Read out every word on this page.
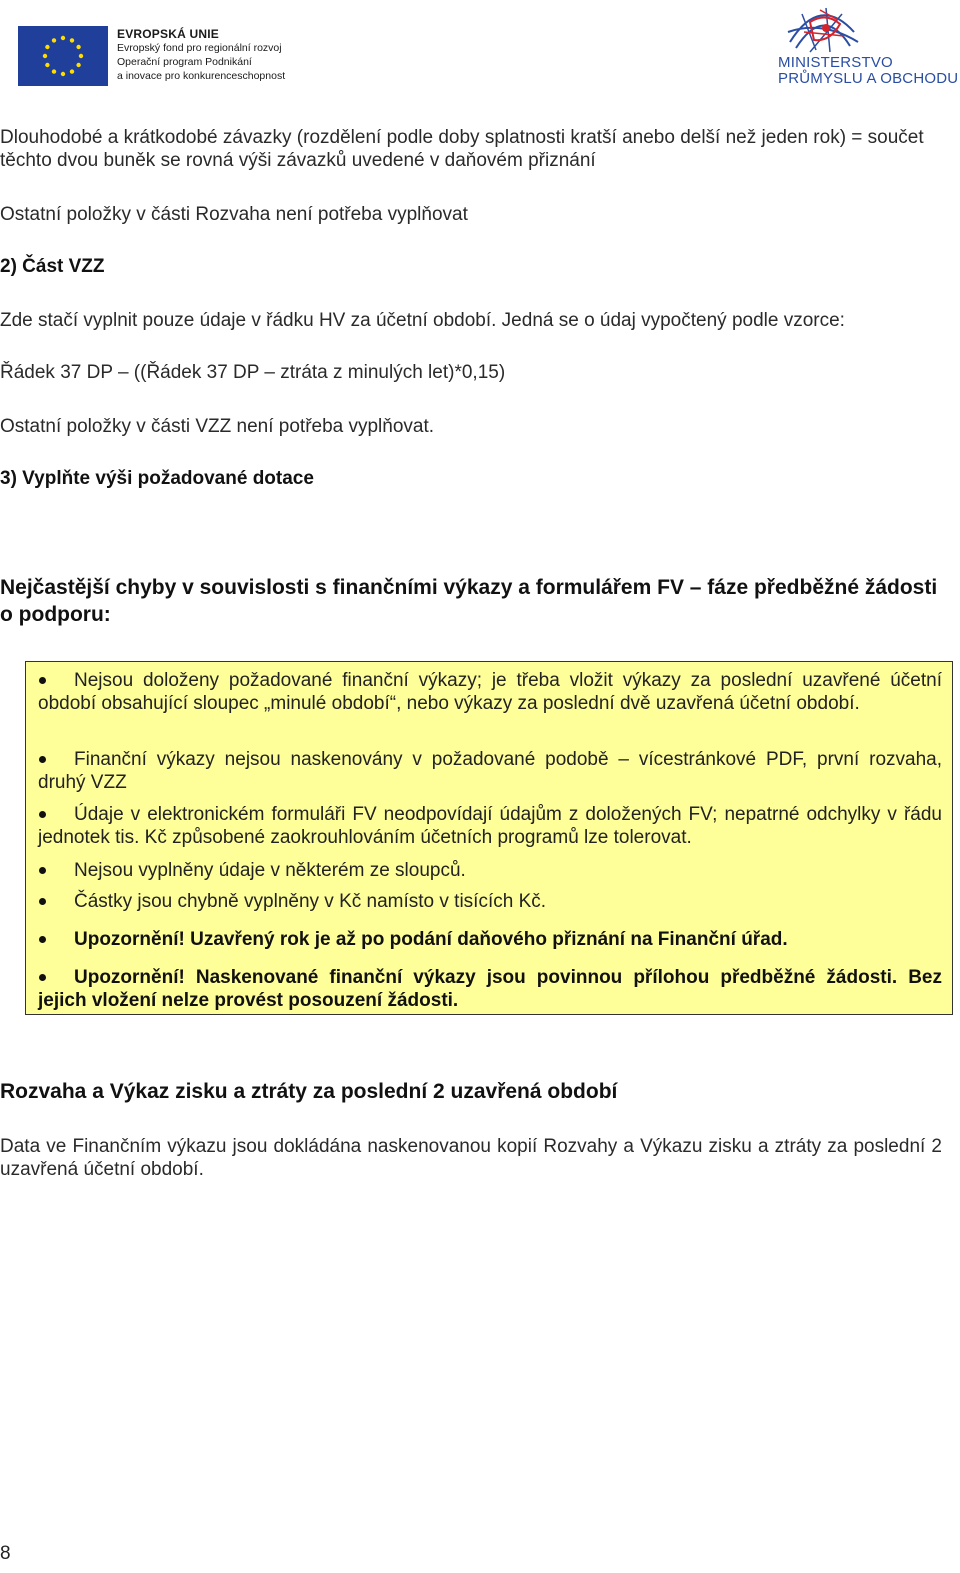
EVROPSKÁ UNIE
Evropský fond pro regionální rozvoj
Operační program Podnikání
a inovace pro konkurenceschopnost
MINISTERSTVO
PRŮMYSLU A OBCHODU
Dlouhodobé a krátkodobé závazky (rozdělení podle doby splatnosti kratší anebo delší než jeden rok) = součet těchto dvou buněk se rovná výši závazků uvedené v daňovém přiznání
Ostatní položky v části Rozvaha není potřeba vyplňovat
2) Část VZZ
Zde stačí vyplnit pouze údaje v řádku HV za účetní období. Jedná se o údaj vypočtený podle vzorce:
Řádek 37 DP – ((Řádek 37 DP – ztráta z minulých let)*0,15)
Ostatní položky v části VZZ není potřeba vyplňovat.
3) Vyplňte výši požadované dotace
Nejčastější chyby v souvislosti s finančními výkazy a formulářem FV – fáze předběžné žádosti o podporu:
Nejsou doloženy požadované finanční výkazy; je třeba vložit výkazy za poslední uzavřené účetní období obsahující sloupec „minulé období“, nebo výkazy za poslední dvě uzavřená účetní období.
Finanční výkazy nejsou naskenovány v požadované podobě – vícestránkové PDF, první rozvaha, druhý VZZ
Údaje v elektronickém formuláři FV neodpovídají údajům z doložených FV; nepatrné odchylky v řádu jednotek tis. Kč způsobené zaokrouhlováním účetních programů lze tolerovat.
Nejsou vyplněny údaje v některém ze sloupců.
Částky jsou chybně vyplněny v Kč namísto v tisících Kč.
Upozornění! Uzavřený rok je až po podání daňového přiznání na Finanční úřad.
Upozornění! Naskenované finanční výkazy jsou povinnou přílohou předběžné žádosti. Bez jejich vložení nelze provést posouzení žádosti.
Rozvaha a Výkaz zisku a ztráty za poslední 2 uzavřená období
Data ve Finančním výkazu jsou dokládána naskenovanou kopií Rozvahy a Výkazu zisku a ztráty za poslední 2 uzavřená účetní období.
8
